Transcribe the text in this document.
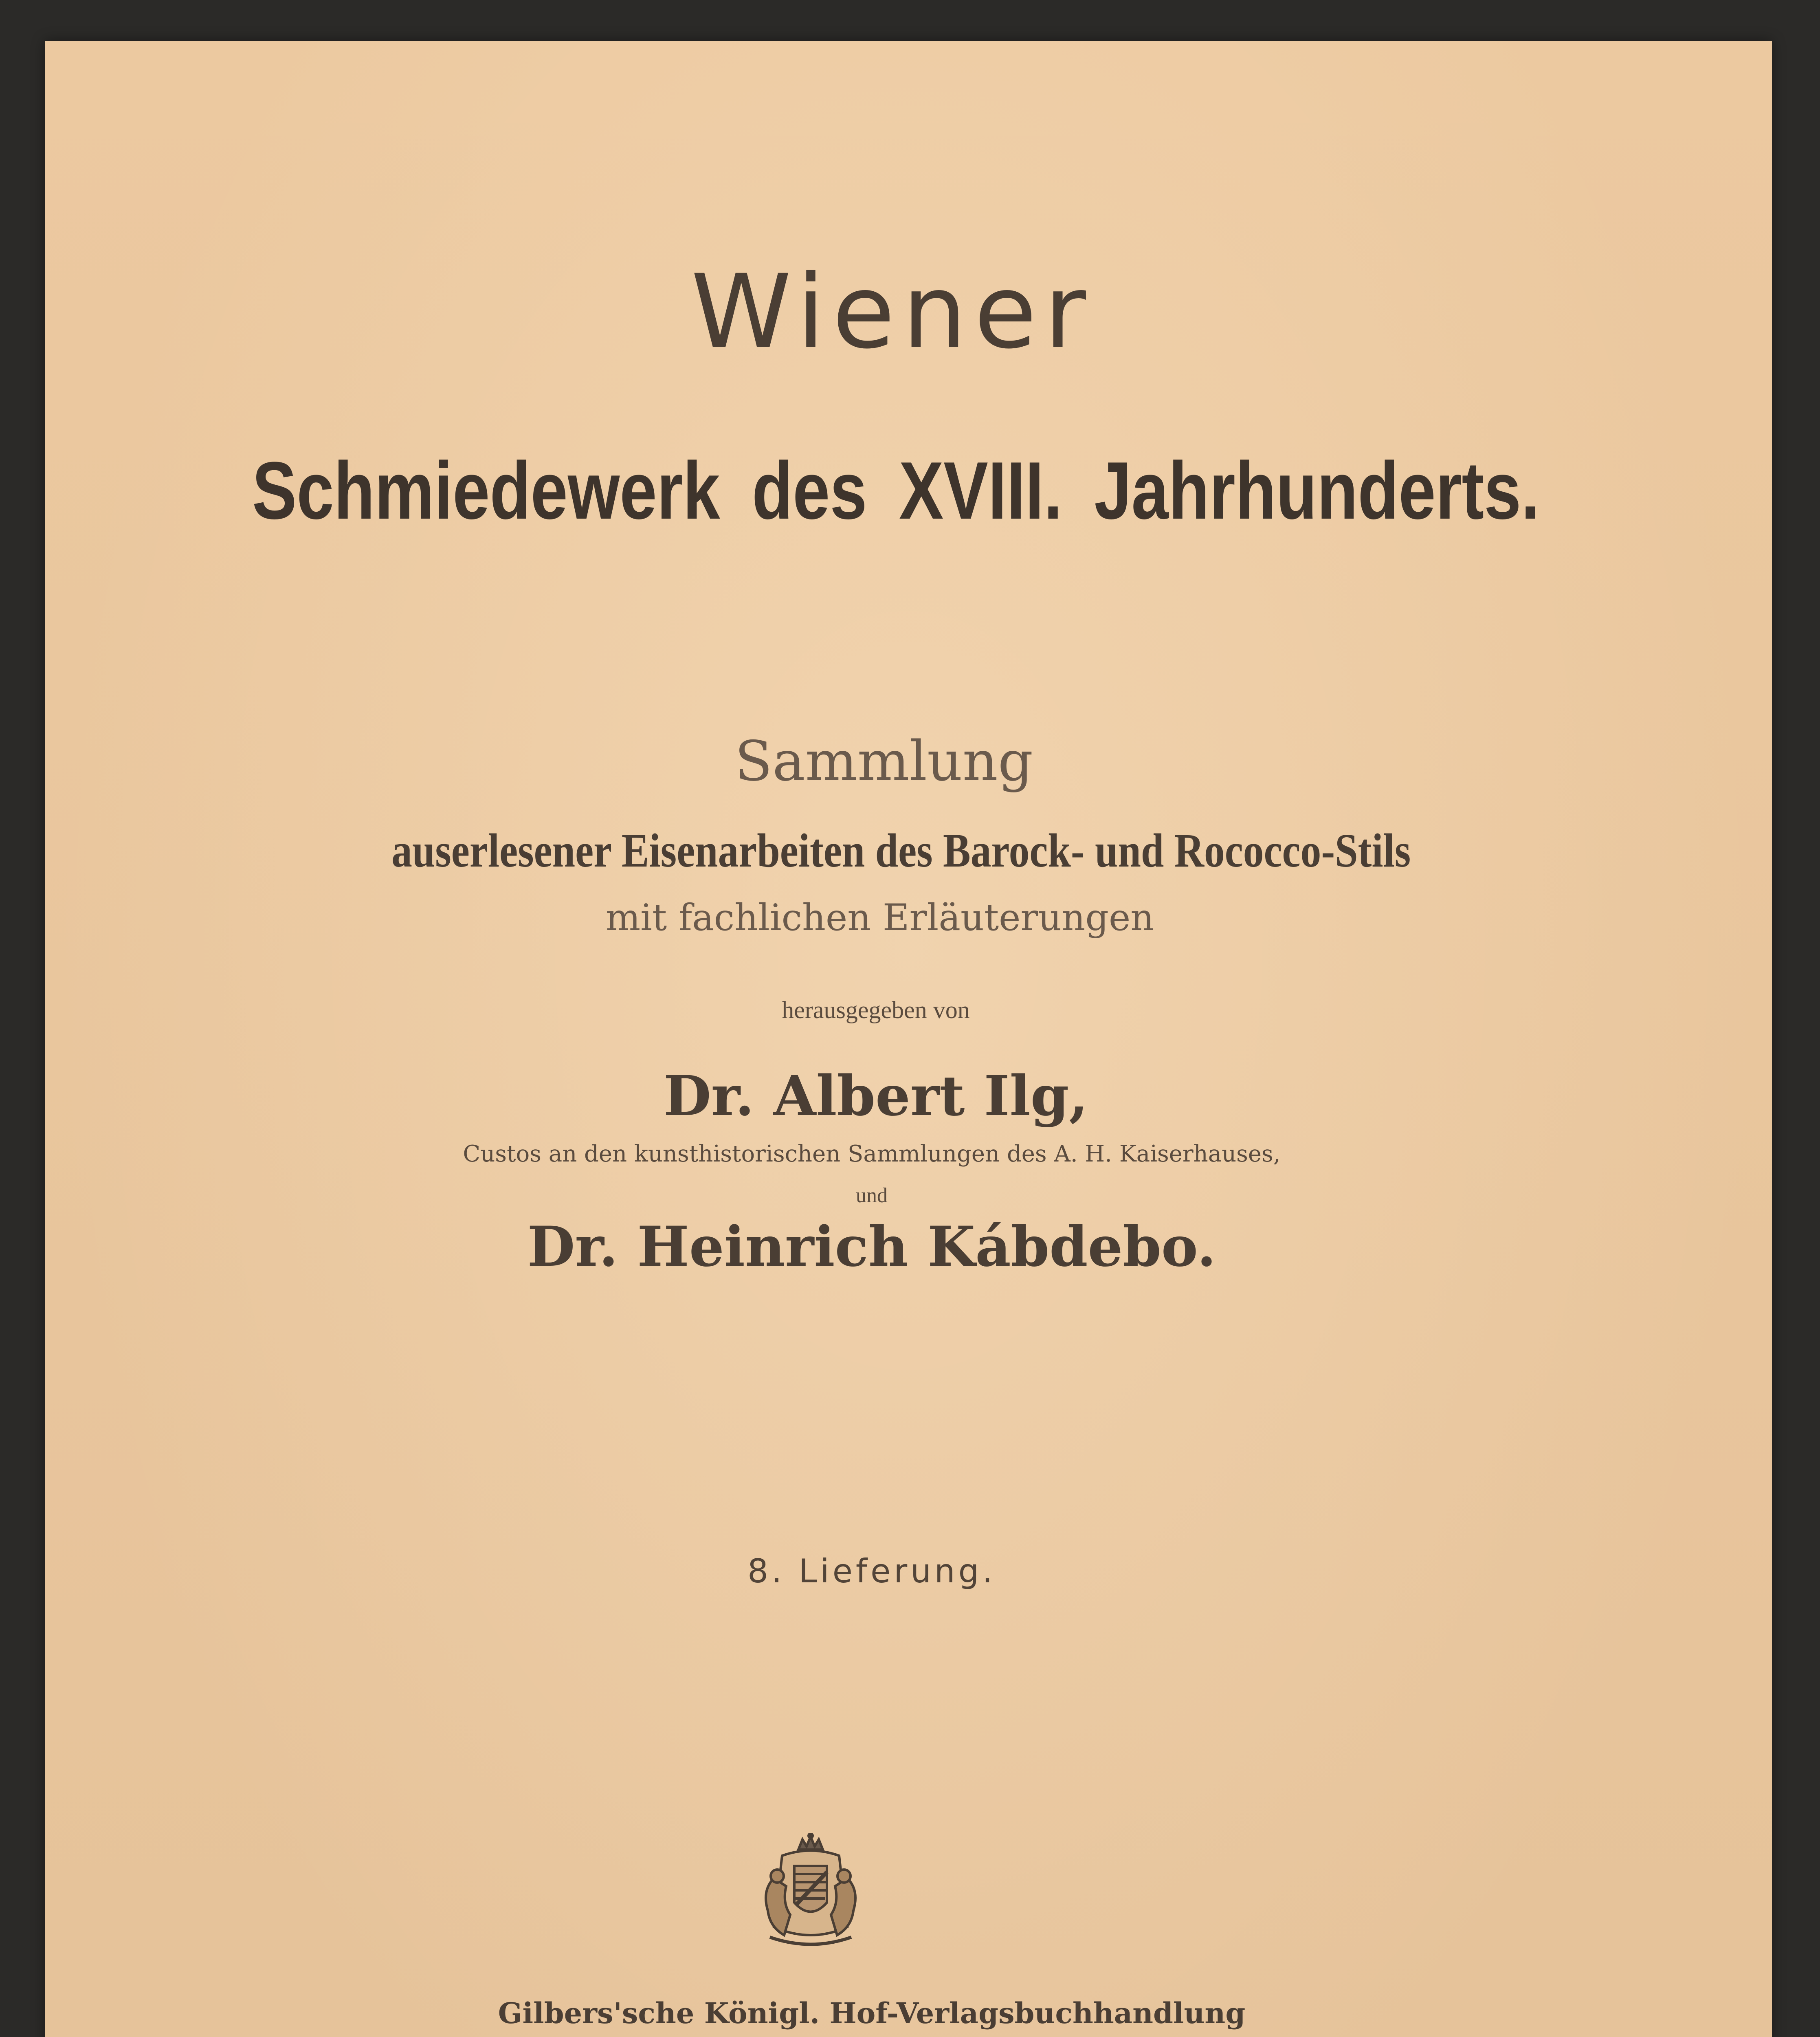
Wiener
Schmiedewerk des XVIII. Jahrhunderts.
Sammlung
auserlesener Eisenarbeiten des Barock- und Rococco-Stils
mit fachlichen Erläuterungen
herausgegeben von
Dr. Albert Ilg,
Custos an den kunsthistorischen Sammlungen des A. H. Kaiserhauses,
und
Dr. Heinrich Kábdebo.
8. Lieferung.
Gilbers'sche Königl. Hof-Verlagsbuchhandlung
